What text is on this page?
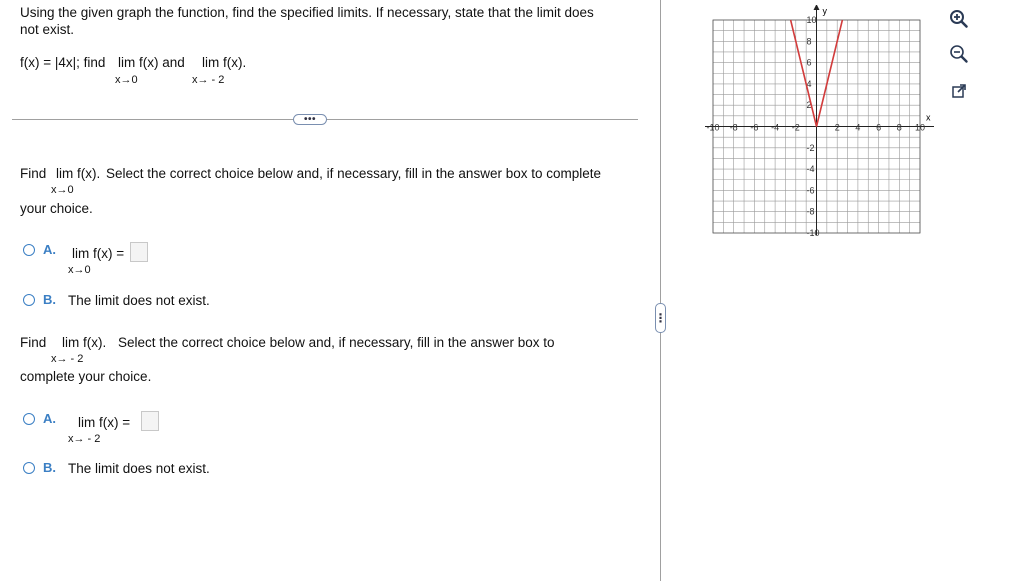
Using the given graph the function, find the specified limits. If necessary, state that the limit does
not exist.
f(x) = |4x|; find lim f(x) and
x→0
lim f(x).
x→ - 2
•••
Find lim f(x). Select the correct choice below and, if necessary, fill in the answer box to complete
x→0
your choice.
A. lim f(x) =
x→0
B. The limit does not exist.
Find lim f(x). Select the correct choice below and, if necessary, fill in the answer box to
x→ - 2
complete your choice.
A. lim f(x) =
x→ - 2
B. The limit does not exist.
⋮
-10 -8 -6 -4 -2	2 4 6 8 10
10
8
6
4
2
-2
-4
-6
-8
-10
x
y
